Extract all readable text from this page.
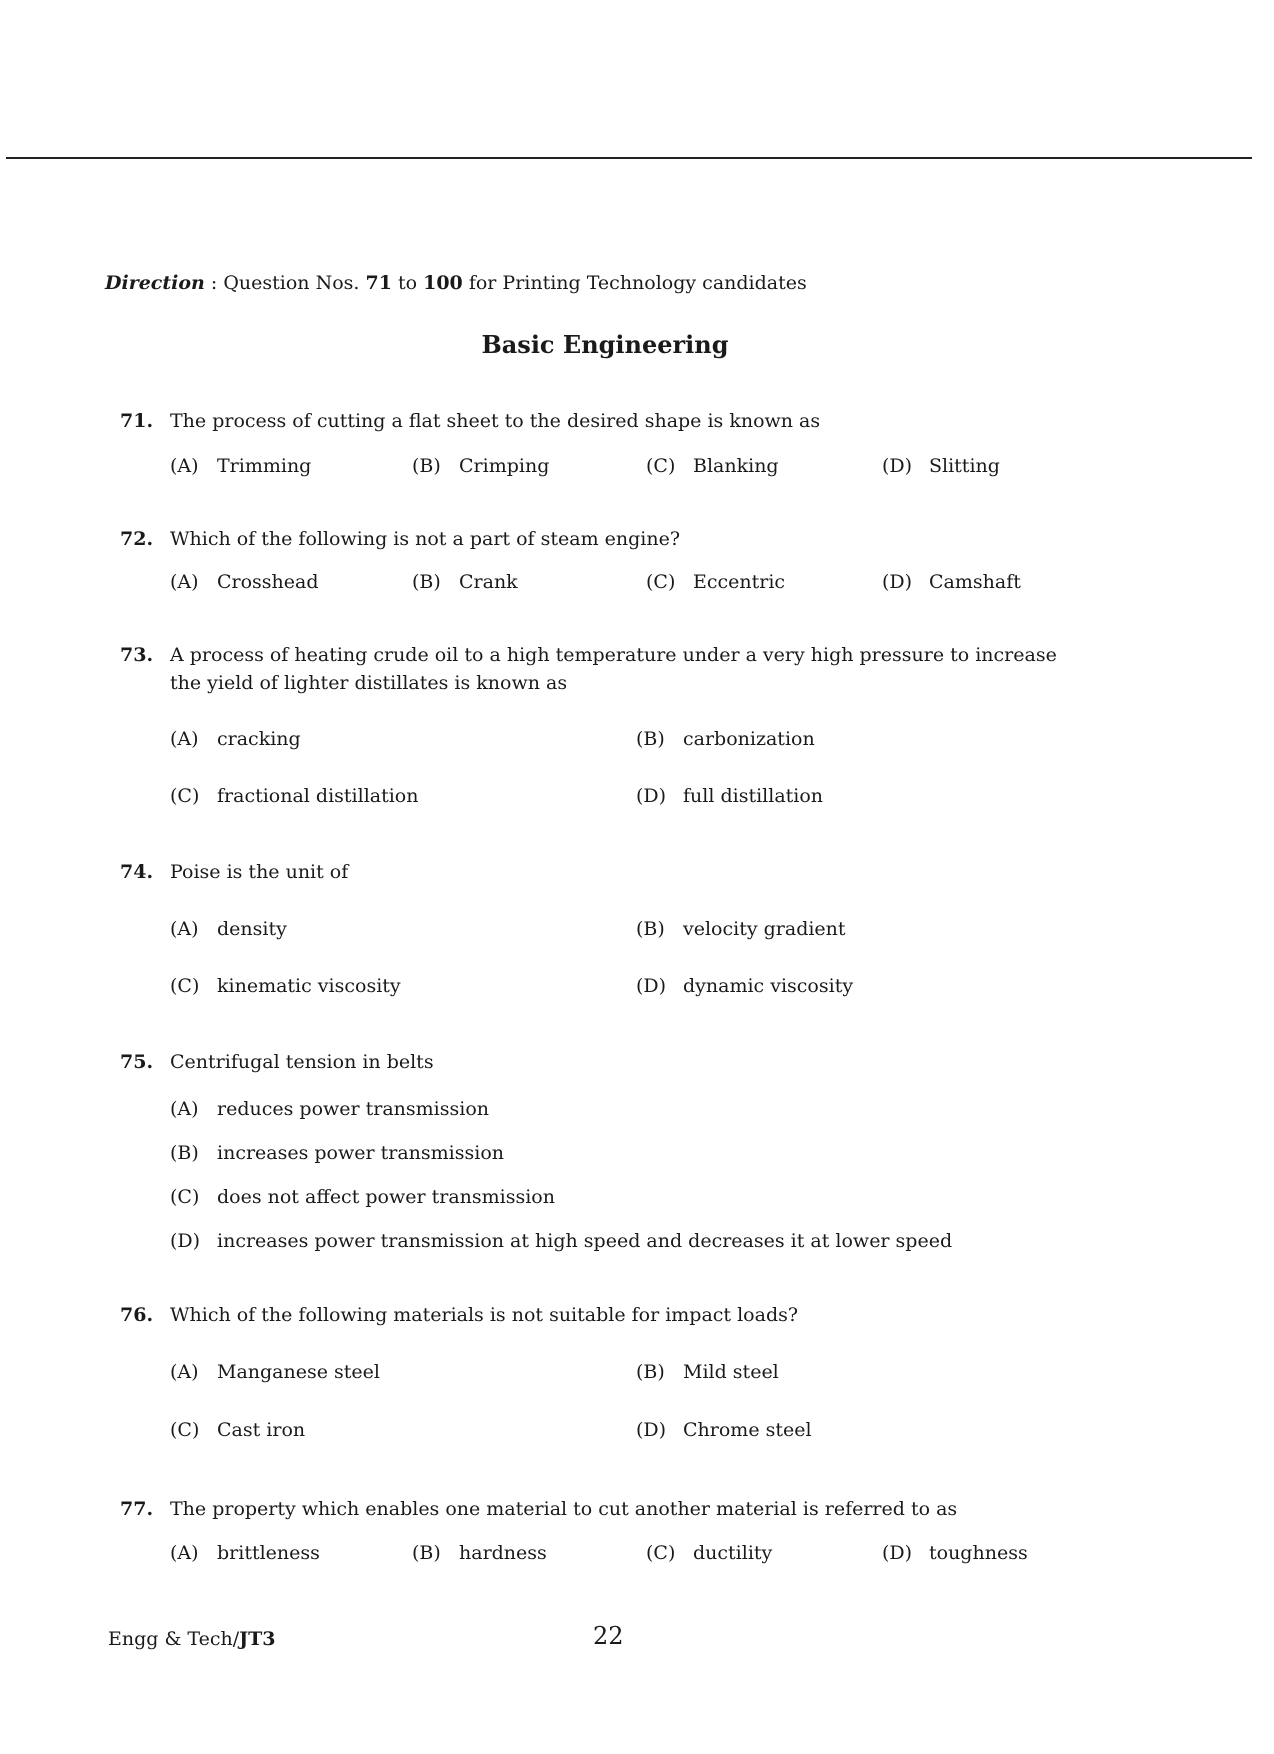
Direction : Question Nos. 71 to 100 for Printing Technology candidates
Basic Engineering
71. The process of cutting a flat sheet to the desired shape is known as
(A) Trimming	(B) Crimping	(C) Blanking	(D) Slitting
72. Which of the following is not a part of steam engine?
(A) Crosshead	(B) Crank	(C) Eccentric	(D) Camshaft
73. A process of heating crude oil to a high temperature under a very high pressure to increase
the yield of lighter distillates is known as
(A) cracking	(B) carbonization
(C) fractional distillation	(D) full distillation
74. Poise is the unit of
(A) density	(B) velocity gradient
(C) kinematic viscosity	(D) dynamic viscosity
75. Centrifugal tension in belts
(A) reduces power transmission
(B) increases power transmission
(C) does not affect power transmission
(D) increases power transmission at high speed and decreases it at lower speed
76. Which of the following materials is not suitable for impact loads?
(A) Manganese steel	(B) Mild steel
(C) Cast iron	(D) Chrome steel
77. The property which enables one material to cut another material is referred to as
(A) brittleness	(B) hardness	(C) ductility	(D) toughness
Engg & Tech/JT3	22
